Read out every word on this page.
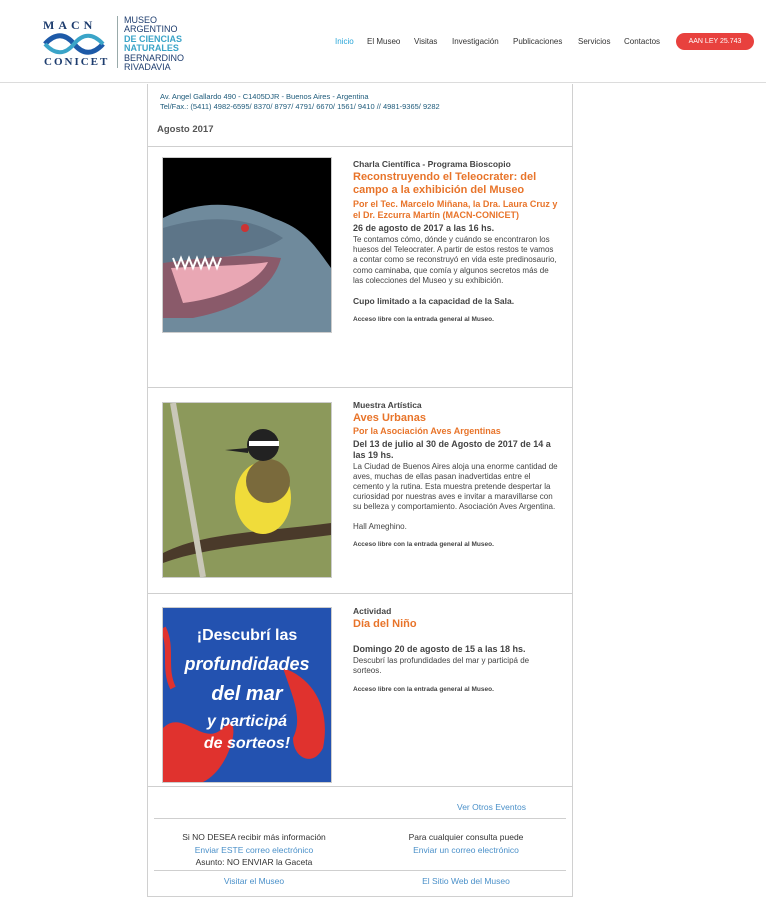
MACN
CONICET
MUSEO
ARGENTINO
DE CIENCIAS
NATURALES
BERNARDINO
RIVADAVIA
Inicio El Museo Visitas Investigación Publicaciones Servicios Contactos	AAN LEY 25.743
Av. Angel Gallardo 490 - C1405DJR - Buenos Aires - Argentina
Tel/Fax.: (5411) 4982-6595/ 8370/ 8797/ 4791/ 6670/ 1561/ 9410 // 4981-9365/ 9282
Agosto 2017
Charla Científica - Programa Bioscopio
Reconstruyendo el Teleocrater: del campo a la exhibición del Museo
Por el Tec. Marcelo Miñana, la Dra. Laura Cruz y el Dr. Ezcurra Martín (MACN-CONICET)
26 de agosto de 2017 a las 16 hs.
Te contamos cómo, dónde y cuándo se encontraron los huesos del Teleocrater. A partir de estos restos te vamos a contar como se reconstruyó en vida este predinosaurio, como caminaba, que comía y algunos secretos más de las colecciones del Museo y su exhibición.
Cupo limitado a la capacidad de la Sala.
Acceso libre con la entrada general al Museo.
Muestra Artística
Aves Urbanas
Por la Asociación Aves Argentinas
Del 13 de julio al 30 de Agosto de 2017 de 14 a las 19 hs.
La Ciudad de Buenos Aires aloja una enorme cantidad de aves, muchas de ellas pasan inadvertidas entre el cemento y la rutina. Esta muestra pretende despertar la curiosidad por nuestras aves e invitar a maravillarse con su belleza y comportamiento. Asociación Aves Argentina.
Hall Ameghino.
Acceso libre con la entrada general al Museo.
¡Descubrí las
profundidades
del mar
y participá
de sorteos!
Actividad
Día del Niño
Domingo 20 de agosto de 15 a las 18 hs.
Descubrí las profundidades del mar y participá de sorteos.
Acceso libre con la entrada general al Museo.
Ver Otros Eventos
Si NO DESEA recibir más información
Enviar ESTE correo electrónico
Asunto: NO ENVIAR la Gaceta
Para cualquier consulta puede
Enviar un correo electrónico
Visitar el Museo	El Sitio Web del Museo
